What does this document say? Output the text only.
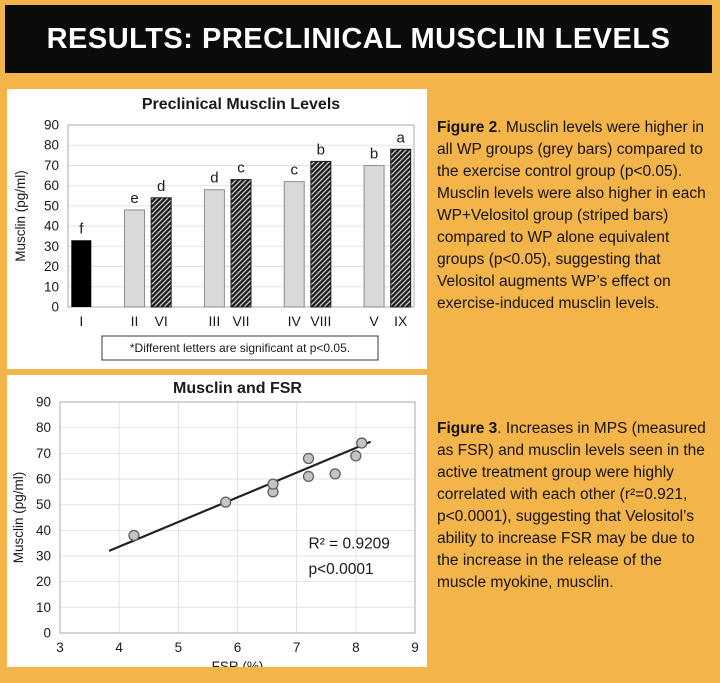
RESULTS: PRECLINICAL MUSCLIN LEVELS
Preclinical Musclin Levels
0
10
20
30
40
50
60
70
80
90
Musclin (pg/ml)	f
I
e
II
d
VI
d
III
c
VII
c
IV
b
VIII
b
V
a
IX
*Different letters are significant at p<0.05.
Musclin and FSR
0
10
20
30
40
50
60
70
80
90
3	4	5	6	7	8	9
FSR (%)
Musclin (pg/ml)	R² = 0.9209
p<0.0001
Figure 2. Musclin levels were higher in all WP groups (grey bars) compared to the exercise control group (p<0.05). Musclin levels were also higher in each WP+Velositol group (striped bars) compared to WP alone equivalent groups (p<0.05), suggesting that Velositol augments WP’s effect on exercise-induced musclin levels.
Figure 3. Increases in MPS (measured as FSR) and musclin levels seen in the active treatment group were highly correlated with each other (r²=0.921, p<0.0001), suggesting that Velositol’s ability to increase FSR may be due to the increase in the release of the muscle myokine, musclin.
